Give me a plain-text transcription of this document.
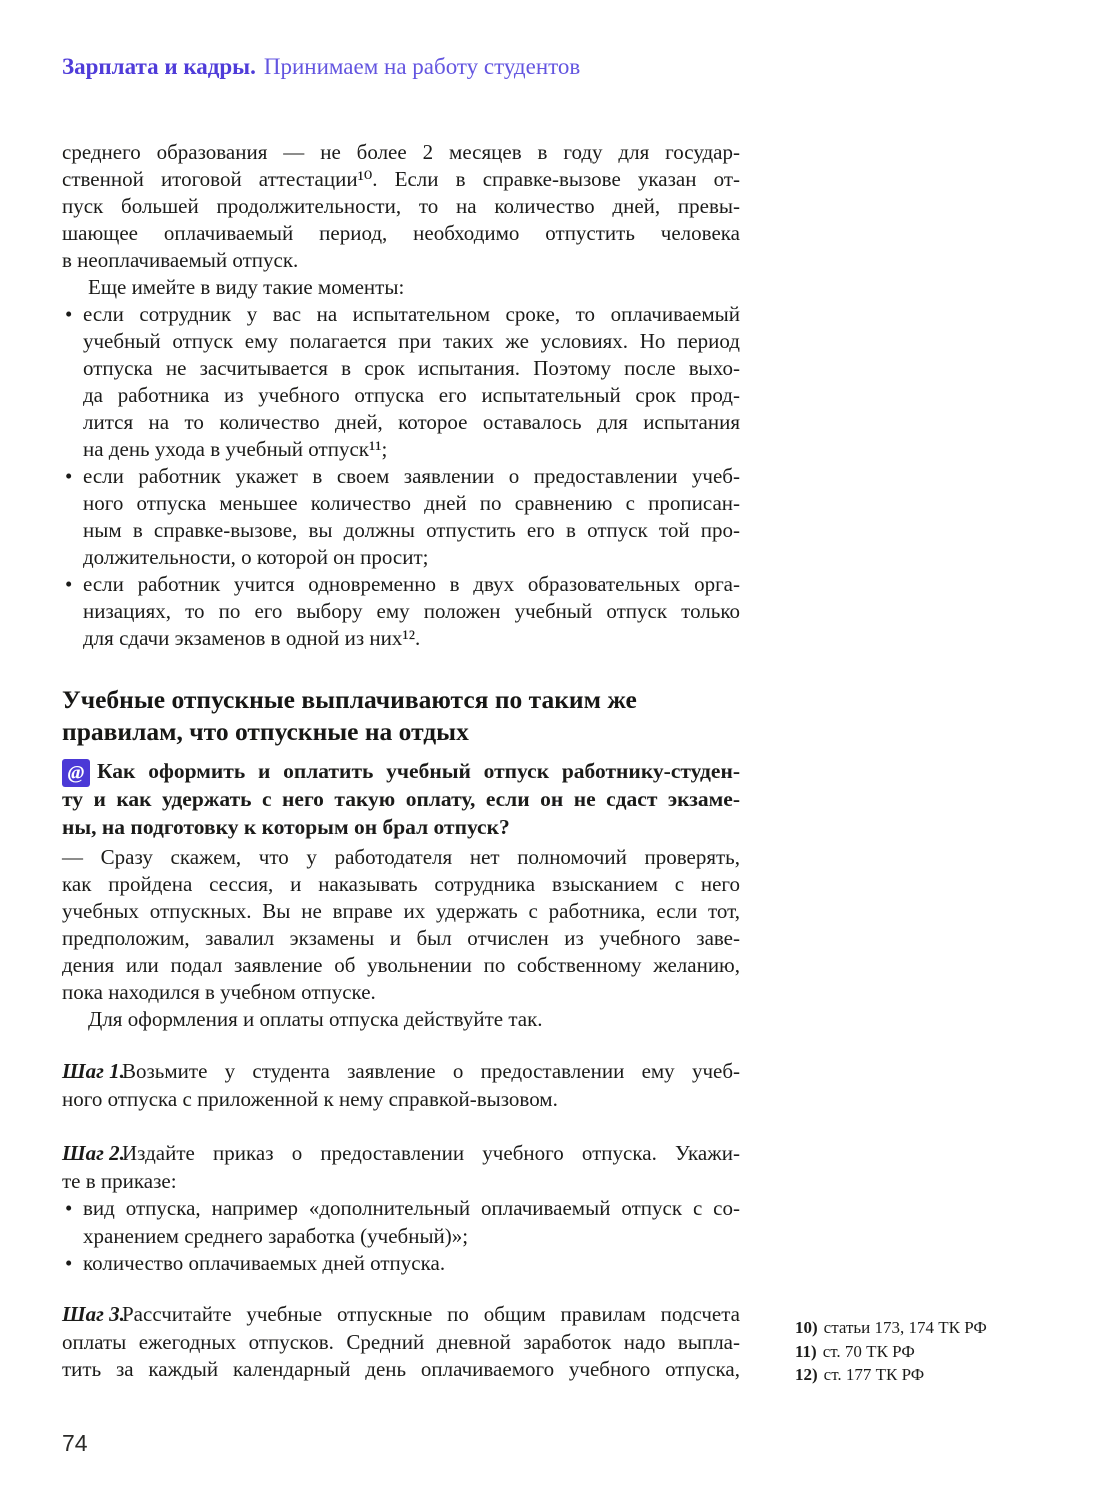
Зарплата и кадры. Принимаем на работу студентов
среднего образования — не более 2 месяцев в году для государ-
ственной итоговой аттестации¹⁰. Если в справке-вызове указан от-
пуск большей продолжительности, то на количество дней, превы-
шающее оплачиваемый период, необходимо отпустить человека
в неоплачиваемый отпуск.

Еще имейте в виду такие моменты:

• если сотрудник у вас на испытательном сроке, то оплачиваемый
учебный отпуск ему полагается при таких же условиях. Но период
отпуска не засчитывается в срок испытания. Поэтому после выхо-
да работника из учебного отпуска его испытательный срок прод-
лится на то количество дней, которое оставалось для испытания
на день ухода в учебный отпуск¹¹;
• если работник укажет в своем заявлении о предоставлении учеб-
ного отпуска меньшее количество дней по сравнению с прописан-
ным в справке-вызове, вы должны отпустить его в отпуск той про-
должительности, о которой он просит;
• если работник учится одновременно в двух образовательных орга-
низациях, то по его выбору ему положен учебный отпуск только
для сдачи экзаменов в одной из них¹².
Учебные отпускные выплачиваются по таким же
правилам, что отпускные на отдых
@ Как оформить и оплатить учебный отпуск работнику-студен-
ту и как удержать с него такую оплату, если он не сдаст экзаме-
ны, на подготовку к которым он брал отпуск?
— Сразу скажем, что у работодателя нет полномочий проверять,
как пройдена сессия, и наказывать сотрудника взысканием с него
учебных отпускных. Вы не вправе их удержать с работника, если тот,
предположим, завалил экзамены и был отчислен из учебного заве-
дения или подал заявление об увольнении по собственному желанию,
пока находился в учебном отпуске.

Для оформления и оплаты отпуска действуйте так.

Шаг 1.
Возьмите у студента заявление о предоставлении ему учеб-
ного отпуска с приложенной к нему справкой-вызовом.
Шаг 2.
Издайте приказ о предоставлении учебного отпуска. Укажи-
те в приказе:
• вид отпуска, например «дополнительный оплачиваемый отпуск с со-
хранением среднего заработка (учебный)»;
• количество оплачиваемых дней отпуска.
Шаг 3.
Рассчитайте учебные отпускные по общим правилам подсчета
оплаты ежегодных отпусков. Средний дневной заработок надо выпла-
тить за каждый календарный день оплачиваемого учебного отпуска,
10) статьи 173, 174 ТК РФ
11) ст. 70 ТК РФ
12) ст. 177 ТК РФ
74
